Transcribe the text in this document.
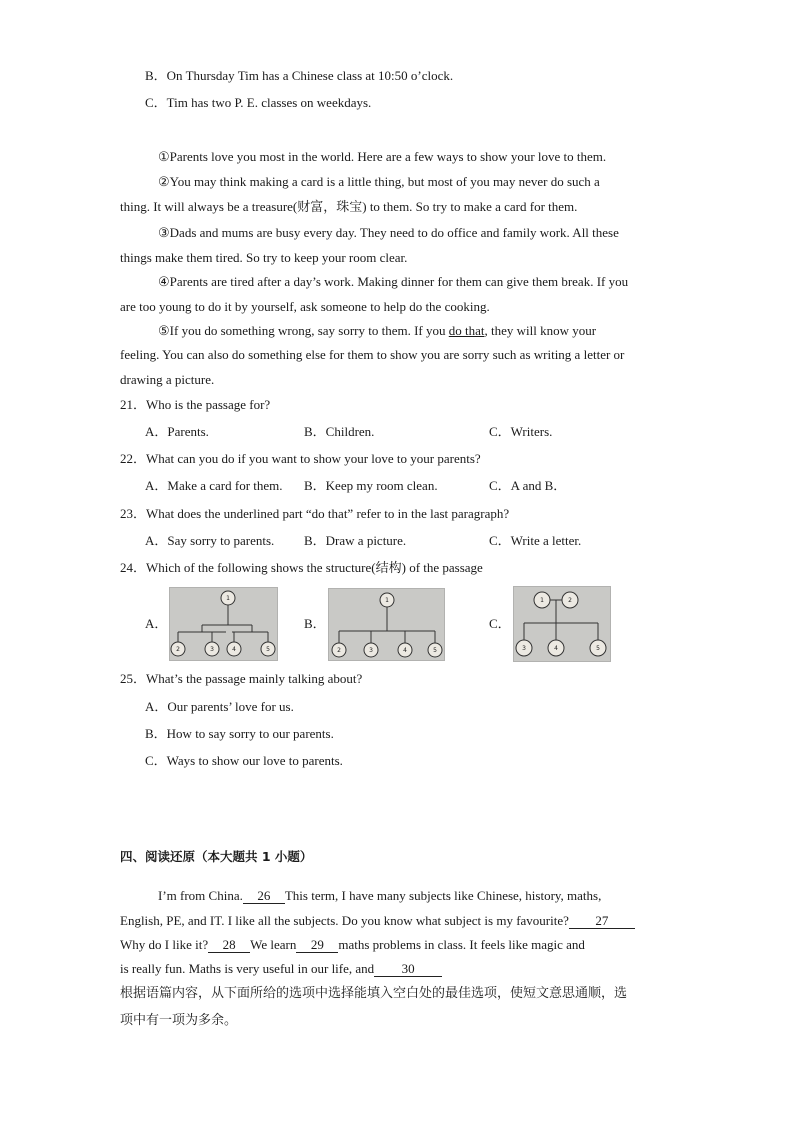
B．On Thursday Tim has a Chinese class at 10:50 o’clock.
C．Tim has two P. E. classes on weekdays.
①Parents love you most in the world. Here are a few ways to show your love to them.
②You may think making a card is a little thing, but most of you may never do such a
thing. It will always be a treasure(财富，珠宝) to them. So try to make a card for them.
③Dads and mums are busy every day. They need to do office and family work. All these
things make them tired. So try to keep your room clear.
④Parents are tired after a day’s work. Making dinner for them can give them break. If you
are too young to do it by yourself, ask someone to help do the cooking.
⑤If you do something wrong, say sorry to them. If you do that, they will know your
feeling. You can also do something else for them to show you are sorry such as writing a letter or
drawing a picture.
21．Who is the passage for?
A．Parents.	B．Children.	C．Writers.
22．What can you do if you want to show your love to your parents?
A．Make a card for them. B．Keep my room clean.	C．A and B．
23．What does the underlined part “do that” refer to in the last paragraph?
A．Say sorry to parents. B．Draw a picture.	C．Write a letter.
24．Which of the following shows the structure(结构) of the passage
A．
1
2	3	4	5
B．
1
2	3	4	5
C．
1	2
3	4	5
25．What’s the passage mainly talking about?
A．Our parents’ love for us.
B．How to say sorry to our parents.
C．Ways to show our love to parents.
四、阅读还原（本大题共 1 小题）
I’m from China. 26 This term, I have many subjects like Chinese, history, maths,
English, PE, and IT. I like all the subjects. Do you know what subject is my favourite? 27
Why do I like it? 28 We learn 29 maths problems in class. It feels like magic and
is really fun. Maths is very useful in our life, and 30
根据语篇内容，从下面所给的选项中选择能填入空白处的最佳选项，使短文意思通顺，选
项中有一项为多余。
